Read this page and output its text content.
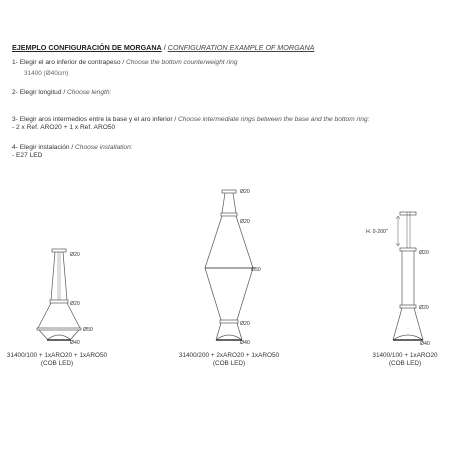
EJEMPLO CONFIGURACIÓN DE MORGANA / CONFIGURATION EXAMPLE OF MORGANA
1- Elegir el aro inferior de contrapeso / Choose the bottom counterweight ring
31400 (Ø40cm)
2- Elegir longitud / Choose length:
3- Elegir aros intermedios entre la base y el aro inferior / Choose intermediate rings between the base and the bottom ring:
- 2 x Ref. ARO20 + 1 x Ref. ARO50
4- Elegir instalación / Choose installation:
- E27 LED
Ø20
Ø20
Ø50
Ø40
Ø20
Ø20
Ø50
Ø20
Ø40
H. 0-200"
Ø20
Ø20
Ø40
31400/100 + 1xARO20 + 1xARO50
(COB LED)
31400/200 + 2xARO20 + 1xARO50
(COB LED)
31400/100 + 1xARO20
(COB LED)
